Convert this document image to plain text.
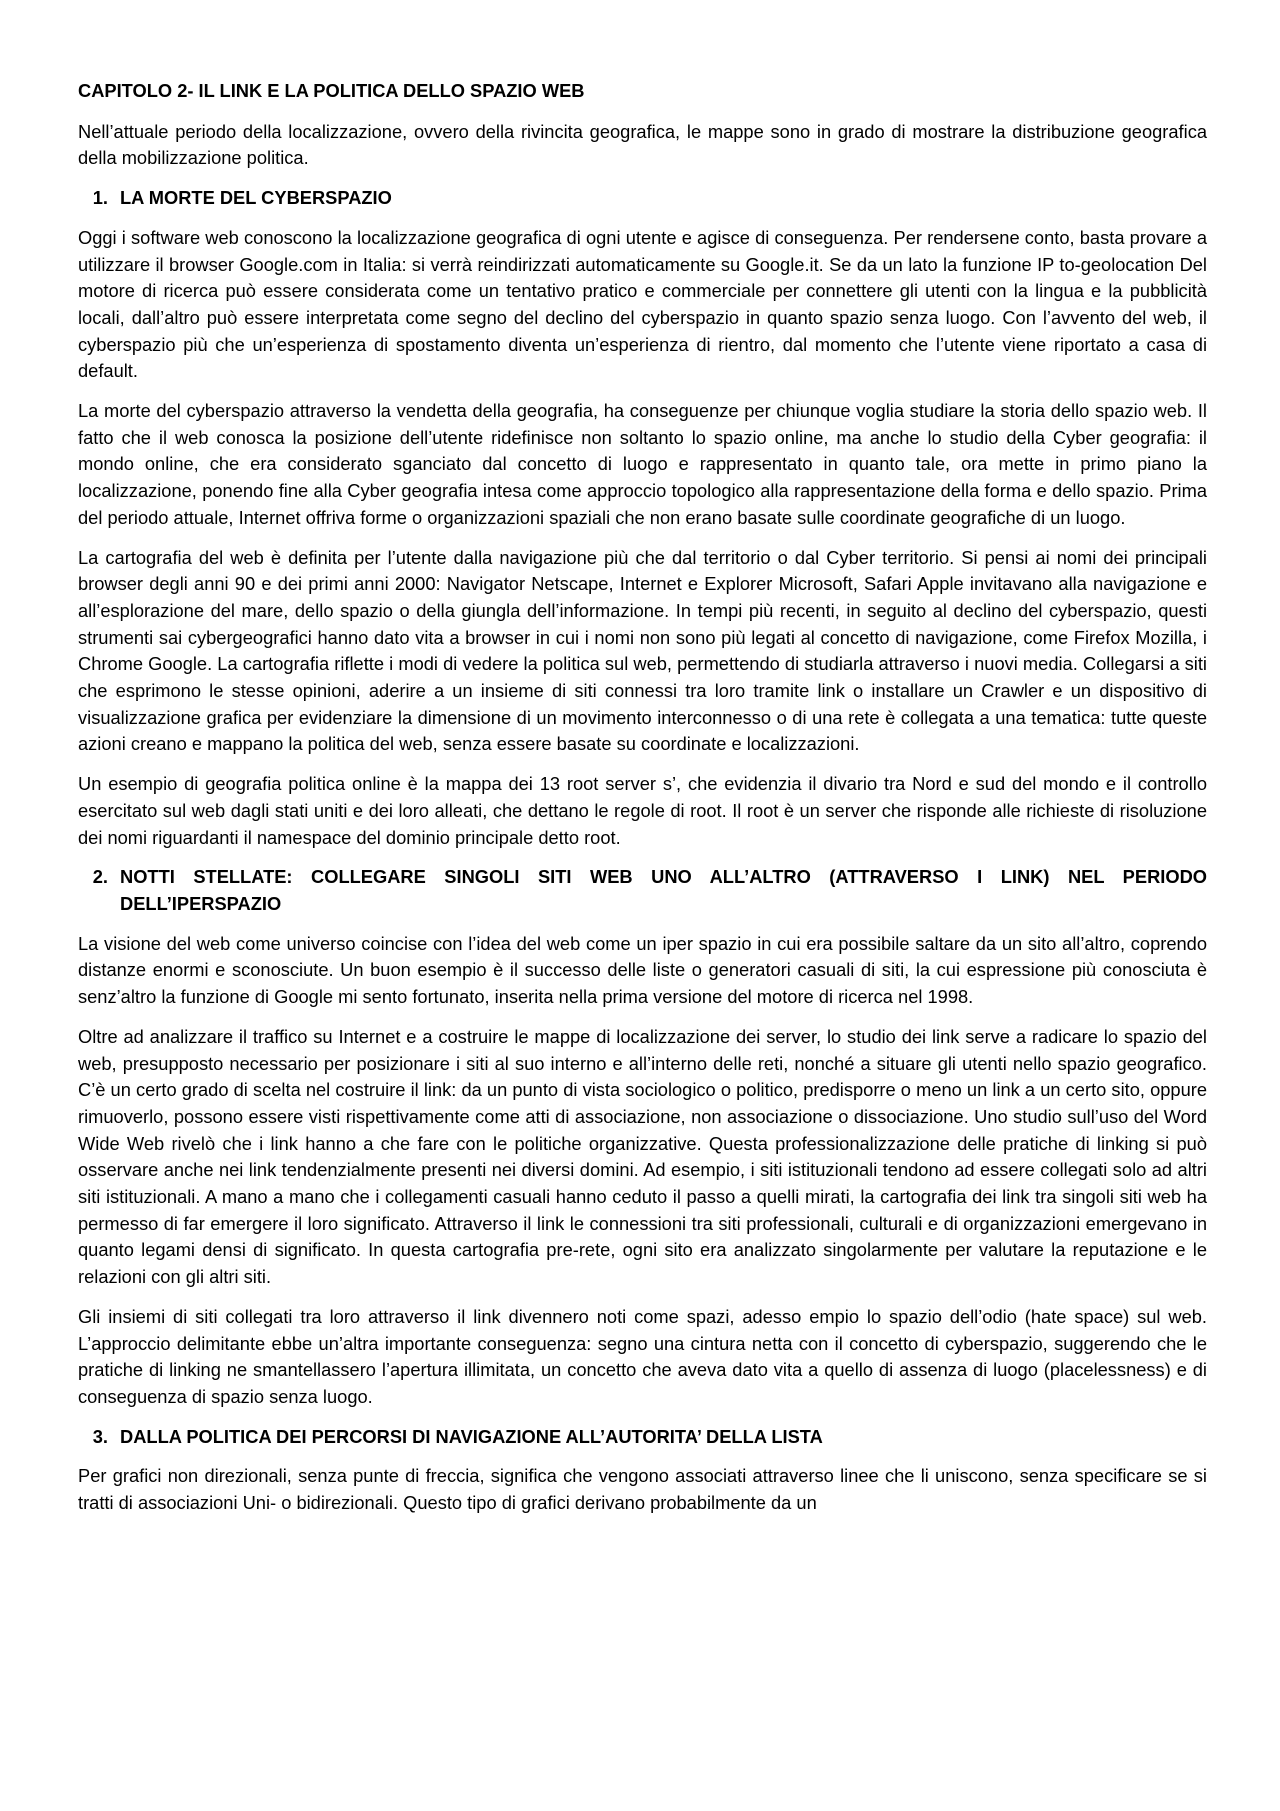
CAPITOLO 2- IL LINK E LA POLITICA DELLO SPAZIO WEB

Nell’attuale periodo della localizzazione, ovvero della rivincita geografica, le mappe sono in grado di mostrare la distribuzione geografica della mobilizzazione politica.

1. LA MORTE DEL CYBERSPAZIO

Oggi i software web conoscono la localizzazione geografica di ogni utente e agisce di conseguenza. Per rendersene conto, basta provare a utilizzare il browser Google.com in Italia: si verrà reindirizzati automaticamente su Google.it. Se da un lato la funzione IP to-geolocation Del motore di ricerca può essere considerata come un tentativo pratico e commerciale per connettere gli utenti con la lingua e la pubblicità locali, dall’altro può essere interpretata come segno del declino del cyberspazio in quanto spazio senza luogo. Con l’avvento del web, il cyberspazio più che un’esperienza di spostamento diventa un’esperienza di rientro, dal momento che l’utente viene riportato a casa di default.

La morte del cyberspazio attraverso la vendetta della geografia, ha conseguenze per chiunque voglia studiare la storia dello spazio web. Il fatto che il web conosca la posizione dell’utente ridefinisce non soltanto lo spazio online, ma anche lo studio della Cyber geografia: il mondo online, che era considerato sganciato dal concetto di luogo e rappresentato in quanto tale, ora mette in primo piano la localizzazione, ponendo fine alla Cyber geografia intesa come approccio topologico alla rappresentazione della forma e dello spazio. Prima del periodo attuale, Internet offriva forme o organizzazioni spaziali che non erano basate sulle coordinate geografiche di un luogo.

La cartografia del web è definita per l’utente dalla navigazione più che dal territorio o dal Cyber territorio. Si pensi ai nomi dei principali browser degli anni 90 e dei primi anni 2000: Navigator Netscape, Internet e Explorer Microsoft, Safari Apple invitavano alla navigazione e all’esplorazione del mare, dello spazio o della giungla dell’informazione. In tempi più recenti, in seguito al declino del cyberspazio, questi strumenti sai cybergeografici hanno dato vita a browser in cui i nomi non sono più legati al concetto di navigazione, come Firefox Mozilla, i Chrome Google. La cartografia riflette i modi di vedere la politica sul web, permettendo di studiarla attraverso i nuovi media. Collegarsi a siti che esprimono le stesse opinioni, aderire a un insieme di siti connessi tra loro tramite link o installare un Crawler e un dispositivo di visualizzazione grafica per evidenziare la dimensione di un movimento interconnesso o di una rete è collegata a una tematica: tutte queste azioni creano e mappano la politica del web, senza essere basate su coordinate e localizzazioni.

Un esempio di geografia politica online è la mappa dei 13 root server s’, che evidenzia il divario tra Nord e sud del mondo e il controllo esercitato sul web dagli stati uniti e dei loro alleati, che dettano le regole di root. Il root è un server che risponde alle richieste di risoluzione dei nomi riguardanti il namespace del dominio principale detto root.

2. NOTTI STELLATE: COLLEGARE SINGOLI SITI WEB UNO ALL’ALTRO (ATTRAVERSO I LINK) NEL PERIODO DELL’IPERSPAZIO

La visione del web come universo coincise con l’idea del web come un iper spazio in cui era possibile saltare da un sito all’altro, coprendo distanze enormi e sconosciute. Un buon esempio è il successo delle liste o generatori casuali di siti, la cui espressione più conosciuta è senz’altro la funzione di Google mi sento fortunato, inserita nella prima versione del motore di ricerca nel 1998.

Oltre ad analizzare il traffico su Internet e a costruire le mappe di localizzazione dei server, lo studio dei link serve a radicare lo spazio del web, presupposto necessario per posizionare i siti al suo interno e all’interno delle reti, nonché a situare gli utenti nello spazio geografico. C’è un certo grado di scelta nel costruire il link: da un punto di vista sociologico o politico, predisporre o meno un link a un certo sito, oppure rimuoverlo, possono essere visti rispettivamente come atti di associazione, non associazione o dissociazione. Uno studio sull’uso del Word Wide Web rivelò che i link hanno a che fare con le politiche organizzative. Questa professionalizzazione delle pratiche di linking si può osservare anche nei link tendenzialmente presenti nei diversi domini. Ad esempio, i siti istituzionali tendono ad essere collegati solo ad altri siti istituzionali. A mano a mano che i collegamenti casuali hanno ceduto il passo a quelli mirati, la cartografia dei link tra singoli siti web ha permesso di far emergere il loro significato. Attraverso il link le connessioni tra siti professionali, culturali e di organizzazioni emergevano in quanto legami densi di significato. In questa cartografia pre-rete, ogni sito era analizzato singolarmente per valutare la reputazione e le relazioni con gli altri siti.

Gli insiemi di siti collegati tra loro attraverso il link divennero noti come spazi, adesso empio lo spazio dell’odio (hate space) sul web. L’approccio delimitante ebbe un’altra importante conseguenza: segno una cintura netta con il concetto di cyberspazio, suggerendo che le pratiche di linking ne smantellassero l’apertura illimitata, un concetto che aveva dato vita a quello di assenza di luogo (placelessness) e di conseguenza di spazio senza luogo.

3. DALLA POLITICA DEI PERCORSI DI NAVIGAZIONE ALL’AUTORITA’ DELLA LISTA

Per grafici non direzionali, senza punte di freccia, significa che vengono associati attraverso linee che li uniscono, senza specificare se si tratti di associazioni Uni- o bidirezionali. Questo tipo di grafici derivano probabilmente da un
